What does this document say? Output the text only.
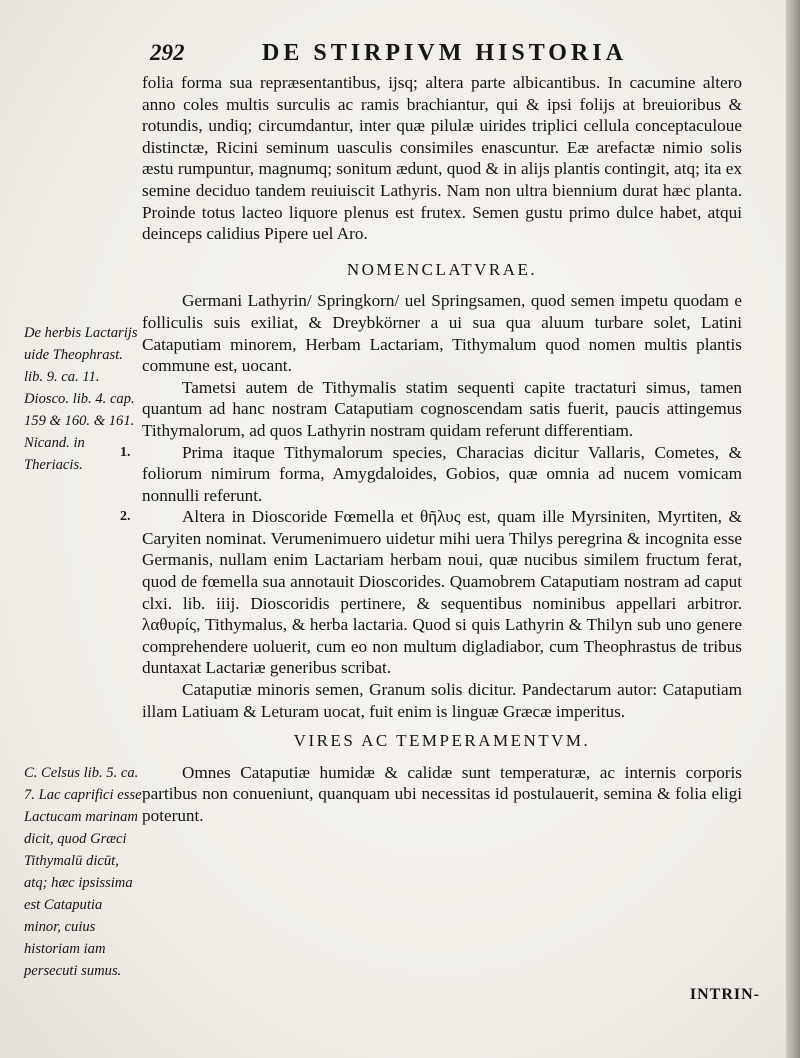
292	DE STIRPIVM HISTORIA

folia forma sua repræsentantibus, ijsq; altera parte albicantibus. In cacumine altero anno coles multis surculis ac ramis brachiantur, qui & ipsi folijs at breuioribus & rotundis, undiq; circumdantur, inter quæ pilulæ uirides triplici cellula conceptaculoue distinctæ, Ricini seminum uasculis consimiles enascuntur. Eæ arefactæ nimio solis æstu rumpuntur, magnumq; sonitum ædunt, quod & in alijs plantis contingit, atq; ita ex semine deciduo tandem reuiuiscit Lathyris. Nam non ultra biennium durat hæc planta. Proinde totus lacteo liquore plenus est frutex. Semen gustu primo dulce habet, atqui deinceps calidius Pipere uel Aro.

NOMENCLATVRAE.

Germani Lathyrin/ Springkorn/ uel Springsamen, quod semen impetu quodam e folliculis suis exiliat, & Dreybkörner a ui sua qua aluum turbare solet, Latini Cataputiam minorem, Herbam Lactariam, Tithymalum quod nomen multis plantis commune est, uocant.

Tametsi autem de Tithymalis statim sequenti capite tractaturi simus, tamen quantum ad hanc nostram Cataputiam cognoscendam satis fuerit, paucis attingemus Tithymalorum, ad quos Lathyrin nostram quidam referunt differentiam.

1.	Prima itaque Tithymalorum species, Characias dicitur Vallaris, Cometes, & foliorum nimirum forma, Amygdaloides, Gobios, quæ omnia ad nucem vomicam nonnulli referunt.

2.	Altera in Dioscoride Fœmella et θῆλυς est, quam ille Myrsiniten, Myrtiten, & Caryiten nominat. Verumenimuero uidetur mihi uera Thilys peregrina & incognita esse Germanis, nullam enim Lactariam herbam noui, quæ nucibus similem fructum ferat, quod de fœmella sua annotauit Dioscorides. Quamobrem Cataputiam nostram ad caput clxi. lib. iiij. Dioscoridis pertinere, & sequentibus nominibus appellari arbitror. λαθυρίς, Tithymalus, & herba lactaria. Quod si quis Lathyrin & Thilyn sub uno genere comprehendere uoluerit, cum eo non multum digladiabor, cum Theophrastus de tribus duntaxat Lactariæ generibus scribat.

Cataputiæ minoris semen, Granum solis dicitur. Pandectarum autor: Cataputiam illam Latiuam & Leturam uocat, fuit enim is linguæ Græcæ imperitus.

VIRES AC TEMPERAMENTVM.

Omnes Cataputiæ humidæ & calidæ sunt temperaturæ, ac internis corporis partibus non conueniunt, quanquam ubi necessitas id postulauerit, semina & folia eligi poterunt.

De herbis Lactarijs uide Theophrast. lib. 9. ca. 11. Diosco. lib. 4. cap. 159 & 160. & 161. Nicand. in Theriacis.
C. Celsus lib. 5. ca. 7. Lac caprifici esse Lactucam marinam dicit, quod Græci Tithymalū dicūt, atq; hæc ipsissima est Cataputia minor, cuius historiam iam persecuti sumus.
INTRIN-
